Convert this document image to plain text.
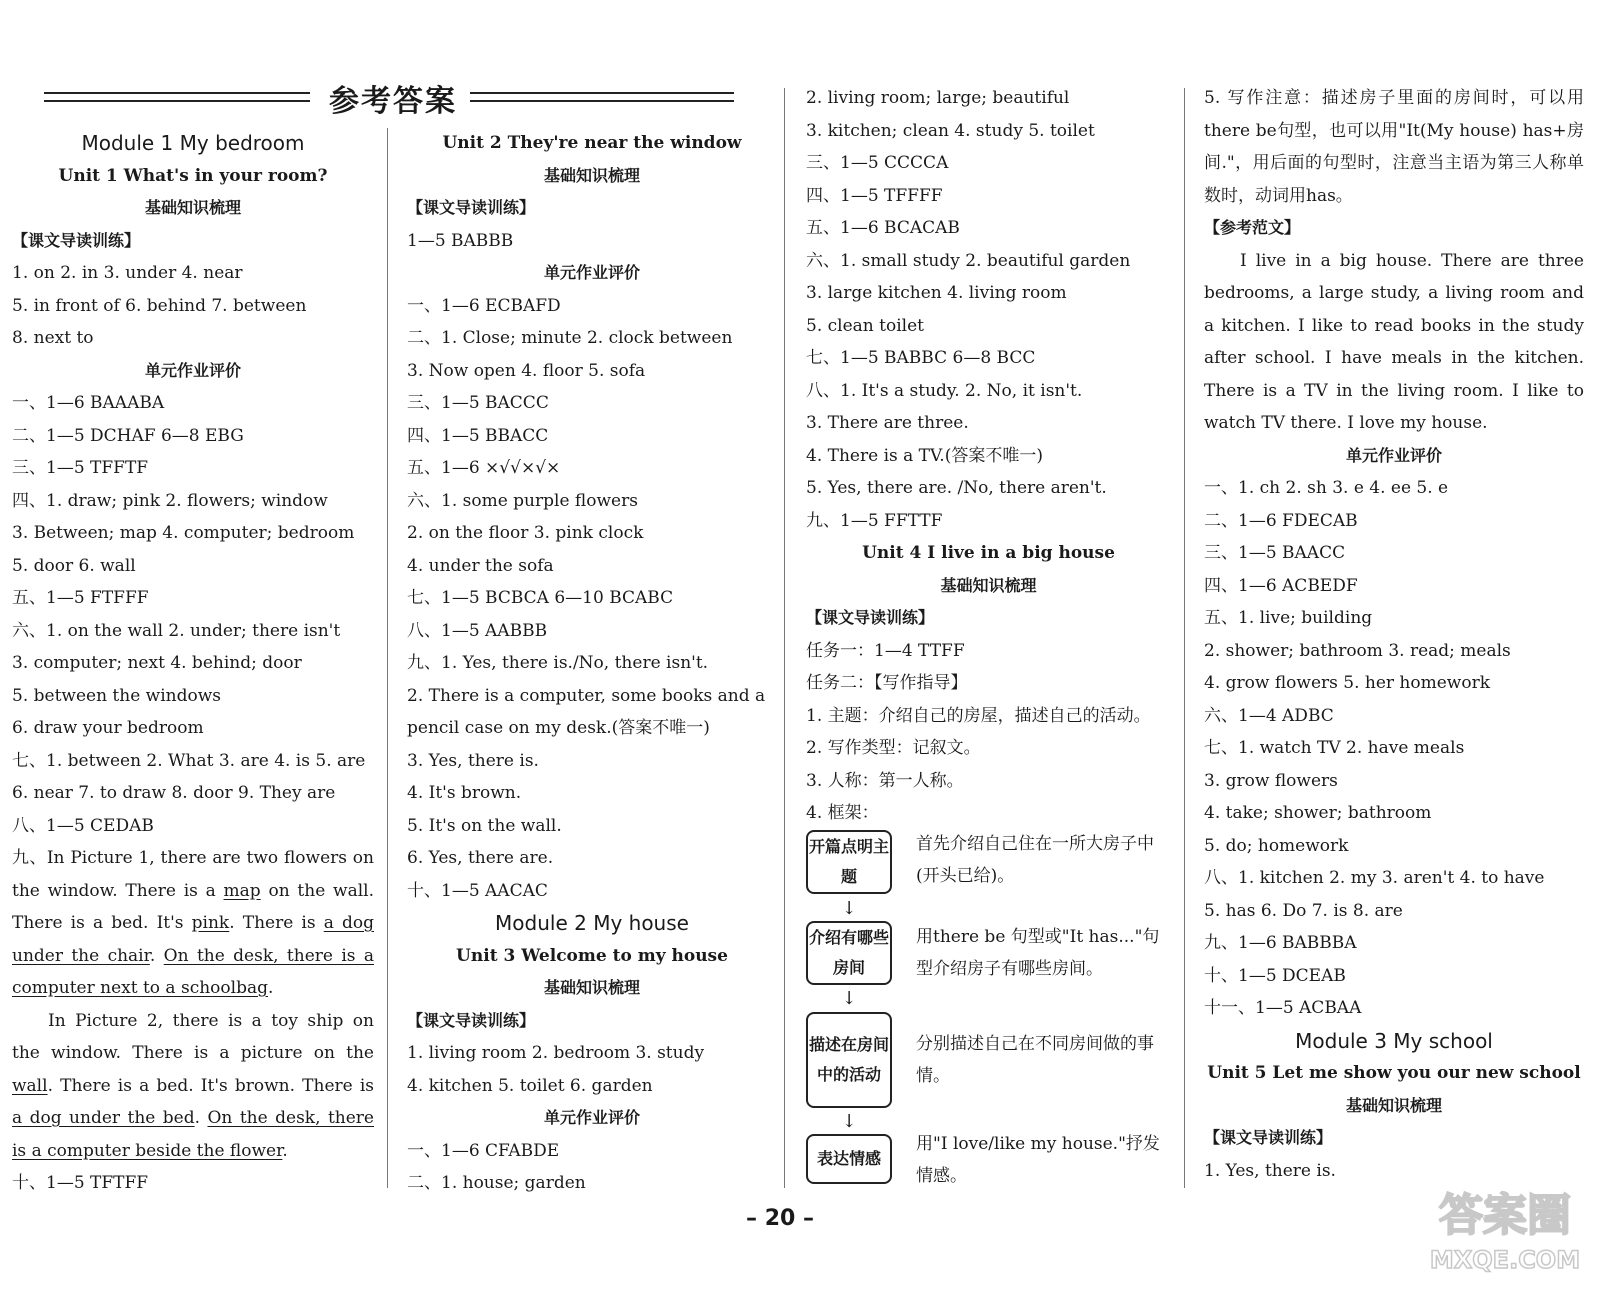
参考答案
Module 1 My bedroom
Unit 1 What's in your room?
基础知识梳理
【课文导读训练】
1. on 2. in 3. under 4. near
5. in front of 6. behind 7. between
8. next to
单元作业评价
一、1—6 BAAABA
二、1—5 DCHAF 6—8 EBG
三、1—5 TFFTF
四、1. draw; pink 2. flowers; window
3. Between; map 4. computer; bedroom
5. door 6. wall
五、1—5 FTFFF
六、1. on the wall 2. under; there isn't
3. computer; next 4. behind; door
5. between the windows
6. draw your bedroom
七、1. between 2. What 3. are 4. is 5. are
6. near 7. to draw 8. door 9. They are
八、1—5 CEDAB
九、In Picture 1, there are two flowers on the window. There is a map on the wall. There is a bed. It's pink. There is a dog under the chair. On the desk, there is a computer next to a schoolbag.
In Picture 2, there is a toy ship on the window. There is a picture on the wall. There is a bed. It's brown. There is a dog under the bed. On the desk, there is a computer beside the flower.
十、1—5 TFTFF
Unit 2 They're near the window
基础知识梳理
【课文导读训练】
1—5 BABBB
单元作业评价
一、1—6 ECBAFD
二、1. Close; minute 2. clock between
3. Now open 4. floor 5. sofa
三、1—5 BACCC
四、1—5 BBACC
五、1—6 ×√√×√×
六、1. some purple flowers
2. on the floor 3. pink clock
4. under the sofa
七、1—5 BCBCA 6—10 BCABC
八、1—5 AABBB
九、1. Yes, there is./No, there isn't.
2. There is a computer, some books and a pencil case on my desk.(答案不唯一)
3. Yes, there is.
4. It's brown.
5. It's on the wall.
6. Yes, there are.
十、1—5 AACAC
Module 2 My house
Unit 3 Welcome to my house
基础知识梳理
【课文导读训练】
1. living room 2. bedroom 3. study
4. kitchen 5. toilet 6. garden
单元作业评价
一、1—6 CFABDE
二、1. house; garden
2. living room; large; beautiful
3. kitchen; clean 4. study 5. toilet
三、1—5 CCCCA
四、1—5 TFFFF
五、1—6 BCACAB
六、1. small study 2. beautiful garden
3. large kitchen 4. living room
5. clean toilet
七、1—5 BABBC 6—8 BCC
八、1. It's a study. 2. No, it isn't.
3. There are three.
4. There is a TV.(答案不唯一)
5. Yes, there are. /No, there aren't.
九、1—5 FFTTF
Unit 4 I live in a big house
基础知识梳理
【课文导读训练】
任务一：1—4 TTFF
任务二：【写作指导】
1. 主题：介绍自己的房屋，描述自己的活动。
2. 写作类型：记叙文。
3. 人称：第一人称。
4. 框架：
开篇点明主题
首先介绍自己住在一所大房子中(开头已给)。
↓
介绍有哪些房间
用there be 句型或"It has..."句型介绍房子有哪些房间。
↓
描述在房间中的活动
分别描述自己在不同房间做的事情。
↓
表达情感
用"I love/like my house."抒发情感。
5. 写作注意：描述房子里面的房间时，可以用there be句型，也可以用"It(My house) has+房间."，用后面的句型时，注意当主语为第三人称单数时，动词用has。
【参考范文】
I live in a big house. There are three bedrooms, a large study, a living room and a kitchen. I like to read books in the study after school. I have meals in the kitchen. There is a TV in the living room. I like to watch TV there. I love my house.
单元作业评价
一、1. ch 2. sh 3. e 4. ee 5. e
二、1—6 FDECAB
三、1—5 BAACC
四、1—6 ACBEDF
五、1. live; building
2. shower; bathroom 3. read; meals
4. grow flowers 5. her homework
六、1—4 ADBC
七、1. watch TV 2. have meals
3. grow flowers
4. take; shower; bathroom
5. do; homework
八、1. kitchen 2. my 3. aren't 4. to have
5. has 6. Do 7. is 8. are
九、1—6 BABBBA
十、1—5 DCEAB
十一、1—5 ACBAA
Module 3 My school
Unit 5 Let me show you our new school
基础知识梳理
【课文导读训练】
1. Yes, there is.
– 20 –	答案圈
MXQE.COM
